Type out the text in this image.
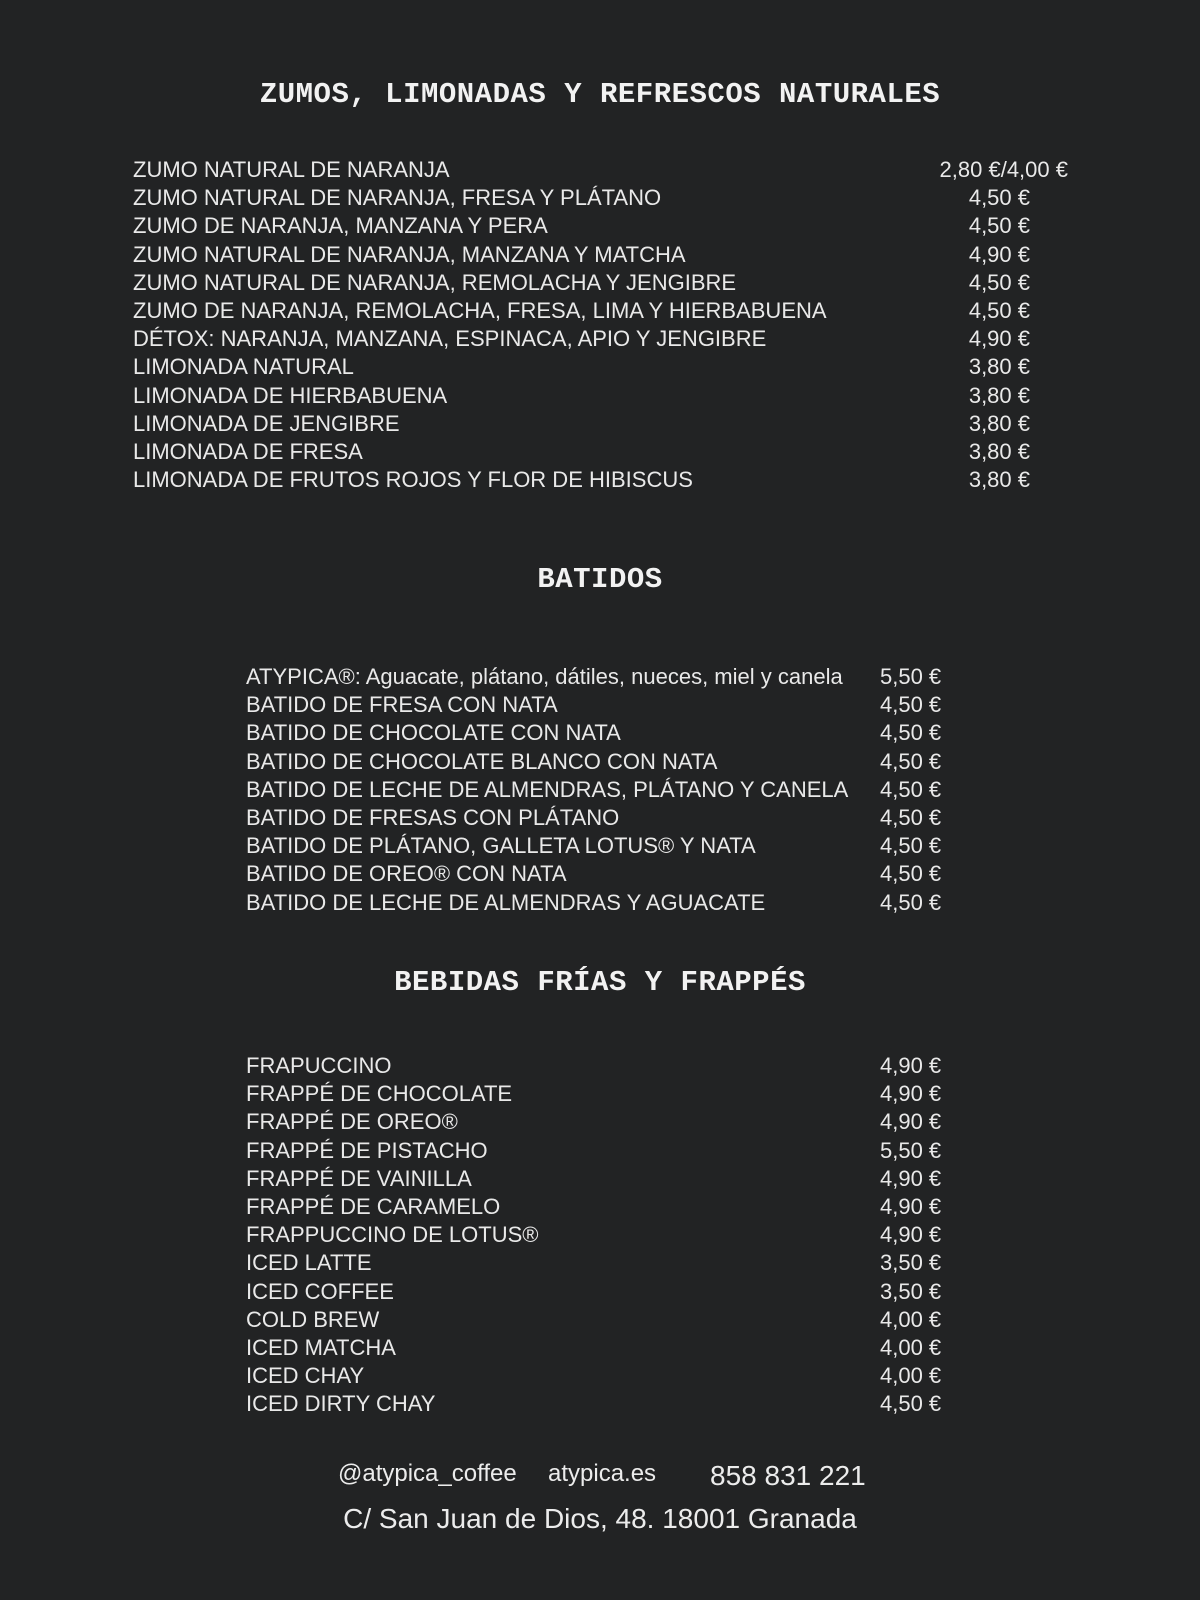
ZUMOS, LIMONADAS Y REFRESCOS NATURALES
ZUMO NATURAL DE NARANJA	2,80 €/4,00 €
ZUMO NATURAL DE NARANJA, FRESA Y PLÁTANO	4,50 €
ZUMO DE NARANJA, MANZANA Y PERA	4,50 €
ZUMO NATURAL DE NARANJA, MANZANA Y MATCHA	4,90 €
ZUMO NATURAL DE NARANJA, REMOLACHA Y JENGIBRE	4,50 €
ZUMO DE NARANJA, REMOLACHA, FRESA, LIMA Y HIERBABUENA	4,50 €
DÉTOX: NARANJA, MANZANA, ESPINACA, APIO Y JENGIBRE	4,90 €
LIMONADA NATURAL	3,80 €
LIMONADA DE HIERBABUENA	3,80 €
LIMONADA DE JENGIBRE	3,80 €
LIMONADA DE FRESA	3,80 €
LIMONADA DE FRUTOS ROJOS Y FLOR DE HIBISCUS	3,80 €
BATIDOS
ATYPICA®: Aguacate, plátano, dátiles, nueces, miel y canela 5,50 €
BATIDO DE FRESA CON NATA	4,50 €
BATIDO DE CHOCOLATE CON NATA	4,50 €
BATIDO DE CHOCOLATE BLANCO CON NATA	4,50 €
BATIDO DE LECHE DE ALMENDRAS, PLÁTANO Y CANELA 4,50 €
BATIDO DE FRESAS CON PLÁTANO	4,50 €
BATIDO DE PLÁTANO, GALLETA LOTUS® Y NATA	4,50 €
BATIDO DE OREO® CON NATA	4,50 €
BATIDO DE LECHE DE ALMENDRAS Y AGUACATE	4,50 €
BEBIDAS FRÍAS Y FRAPPÉS
FRAPUCCINO	4,90 €
FRAPPÉ DE CHOCOLATE	4,90 €
FRAPPÉ DE OREO®	4,90 €
FRAPPÉ DE PISTACHO	5,50 €
FRAPPÉ DE VAINILLA	4,90 €
FRAPPÉ DE CARAMELO	4,90 €
FRAPPUCCINO DE LOTUS®	4,90 €
ICED LATTE	3,50 €
ICED COFFEE	3,50 €
COLD BREW	4,00 €
ICED MATCHA	4,00 €
ICED CHAY	4,00 €
ICED DIRTY CHAY	4,50 €
@atypica_coffee atypica.es 858 831 221
C/ San Juan de Dios, 48. 18001 Granada
